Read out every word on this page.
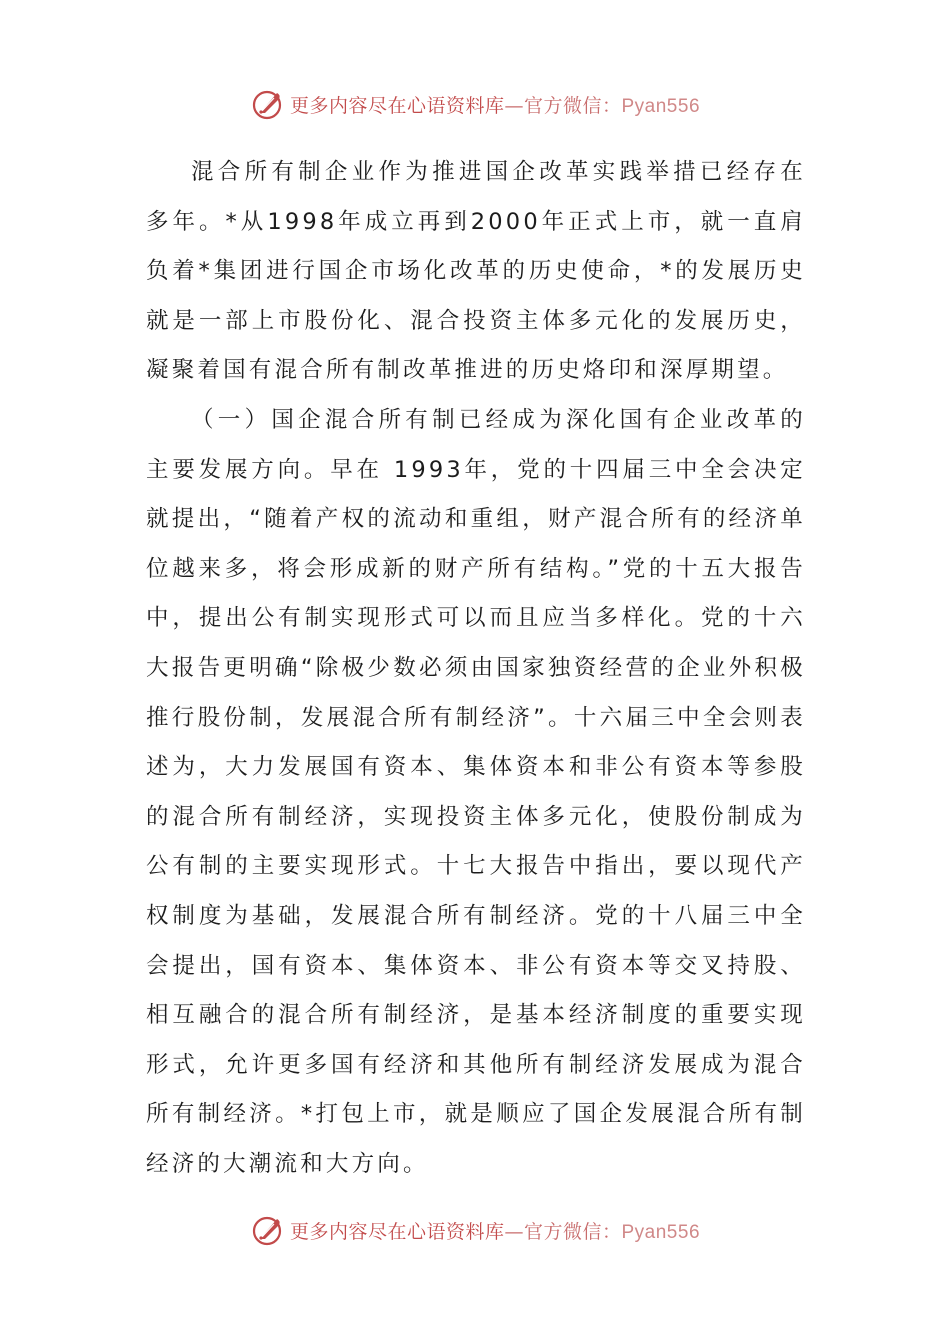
更多内容尽在心语资料库—官方微信：Pyan556

混合所有制企业作为推进国企改革实践举措已经存在多年。*从1998年成立再到2000年正式上市，就一直肩负着*集团进行国企市场化改革的历史使命，*的发展历史就是一部上市股份化、混合投资主体多元化的发展历史，凝聚着国有混合所有制改革推进的历史烙印和深厚期望。

（一）国企混合所有制已经成为深化国有企业改革的主要发展方向。早在 1993年，党的十四届三中全会决定就提出，“随着产权的流动和重组，财产混合所有的经济单位越来多，将会形成新的财产所有结构。”党的十五大报告中，提出公有制实现形式可以而且应当多样化。党的十六大报告更明确“除极少数必须由国家独资经营的企业外积极推行股份制，发展混合所有制经济”。十六届三中全会则表述为，大力发展国有资本、集体资本和非公有资本等参股的混合所有制经济，实现投资主体多元化，使股份制成为公有制的主要实现形式。十七大报告中指出，要以现代产权制度为基础，发展混合所有制经济。党的十八届三中全会提出，国有资本、集体资本、非公有资本等交叉持股、相互融合的混合所有制经济，是基本经济制度的重要实现形式，允许更多国有经济和其他所有制经济发展成为混合所有制经济。*打包上市，就是顺应了国企发展混合所有制经济的大潮流和大方向。

更多内容尽在心语资料库—官方微信：Pyan556
